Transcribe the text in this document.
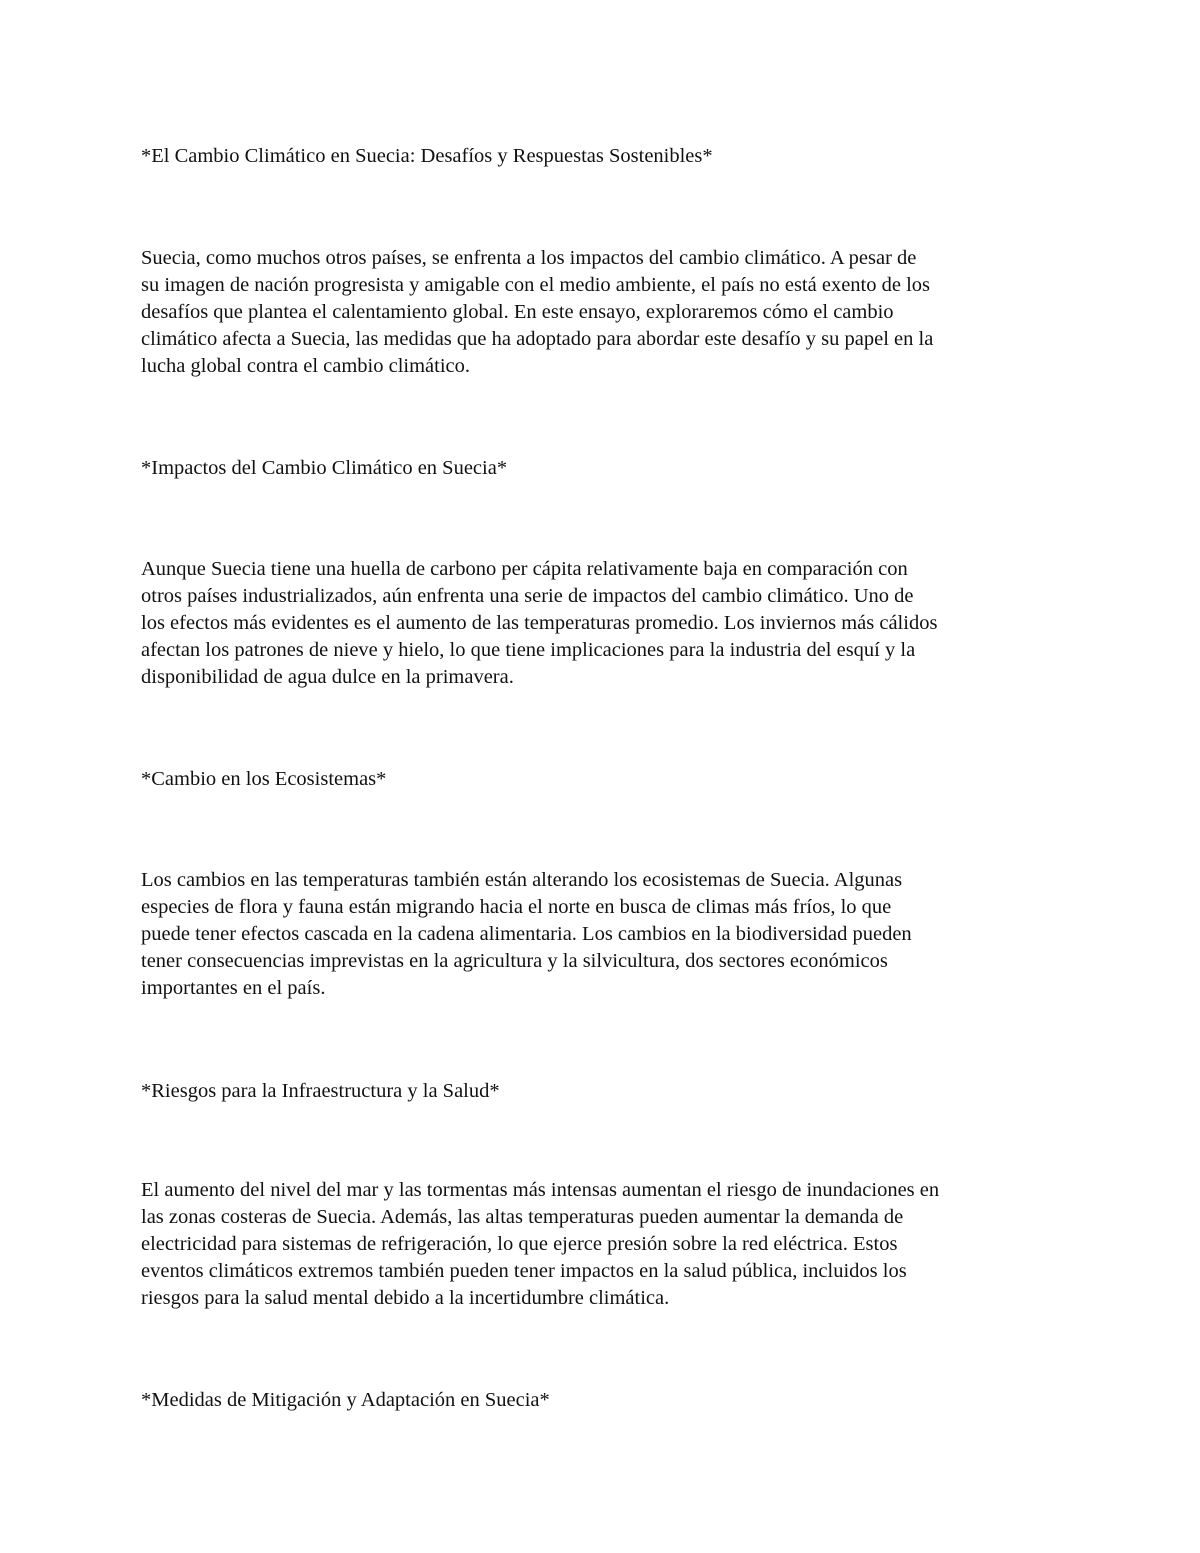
*El Cambio Climático en Suecia: Desafíos y Respuestas Sostenibles*

Suecia, como muchos otros países, se enfrenta a los impactos del cambio climático. A pesar de
su imagen de nación progresista y amigable con el medio ambiente, el país no está exento de los
desafíos que plantea el calentamiento global. En este ensayo, exploraremos cómo el cambio
climático afecta a Suecia, las medidas que ha adoptado para abordar este desafío y su papel en la
lucha global contra el cambio climático.

*Impactos del Cambio Climático en Suecia*

Aunque Suecia tiene una huella de carbono per cápita relativamente baja en comparación con
otros países industrializados, aún enfrenta una serie de impactos del cambio climático. Uno de
los efectos más evidentes es el aumento de las temperaturas promedio. Los inviernos más cálidos
afectan los patrones de nieve y hielo, lo que tiene implicaciones para la industria del esquí y la
disponibilidad de agua dulce en la primavera.

*Cambio en los Ecosistemas*

Los cambios en las temperaturas también están alterando los ecosistemas de Suecia. Algunas
especies de flora y fauna están migrando hacia el norte en busca de climas más fríos, lo que
puede tener efectos cascada en la cadena alimentaria. Los cambios en la biodiversidad pueden
tener consecuencias imprevistas en la agricultura y la silvicultura, dos sectores económicos
importantes en el país.

*Riesgos para la Infraestructura y la Salud*

El aumento del nivel del mar y las tormentas más intensas aumentan el riesgo de inundaciones en
las zonas costeras de Suecia. Además, las altas temperaturas pueden aumentar la demanda de
electricidad para sistemas de refrigeración, lo que ejerce presión sobre la red eléctrica. Estos
eventos climáticos extremos también pueden tener impactos en la salud pública, incluidos los
riesgos para la salud mental debido a la incertidumbre climática.

*Medidas de Mitigación y Adaptación en Suecia*
